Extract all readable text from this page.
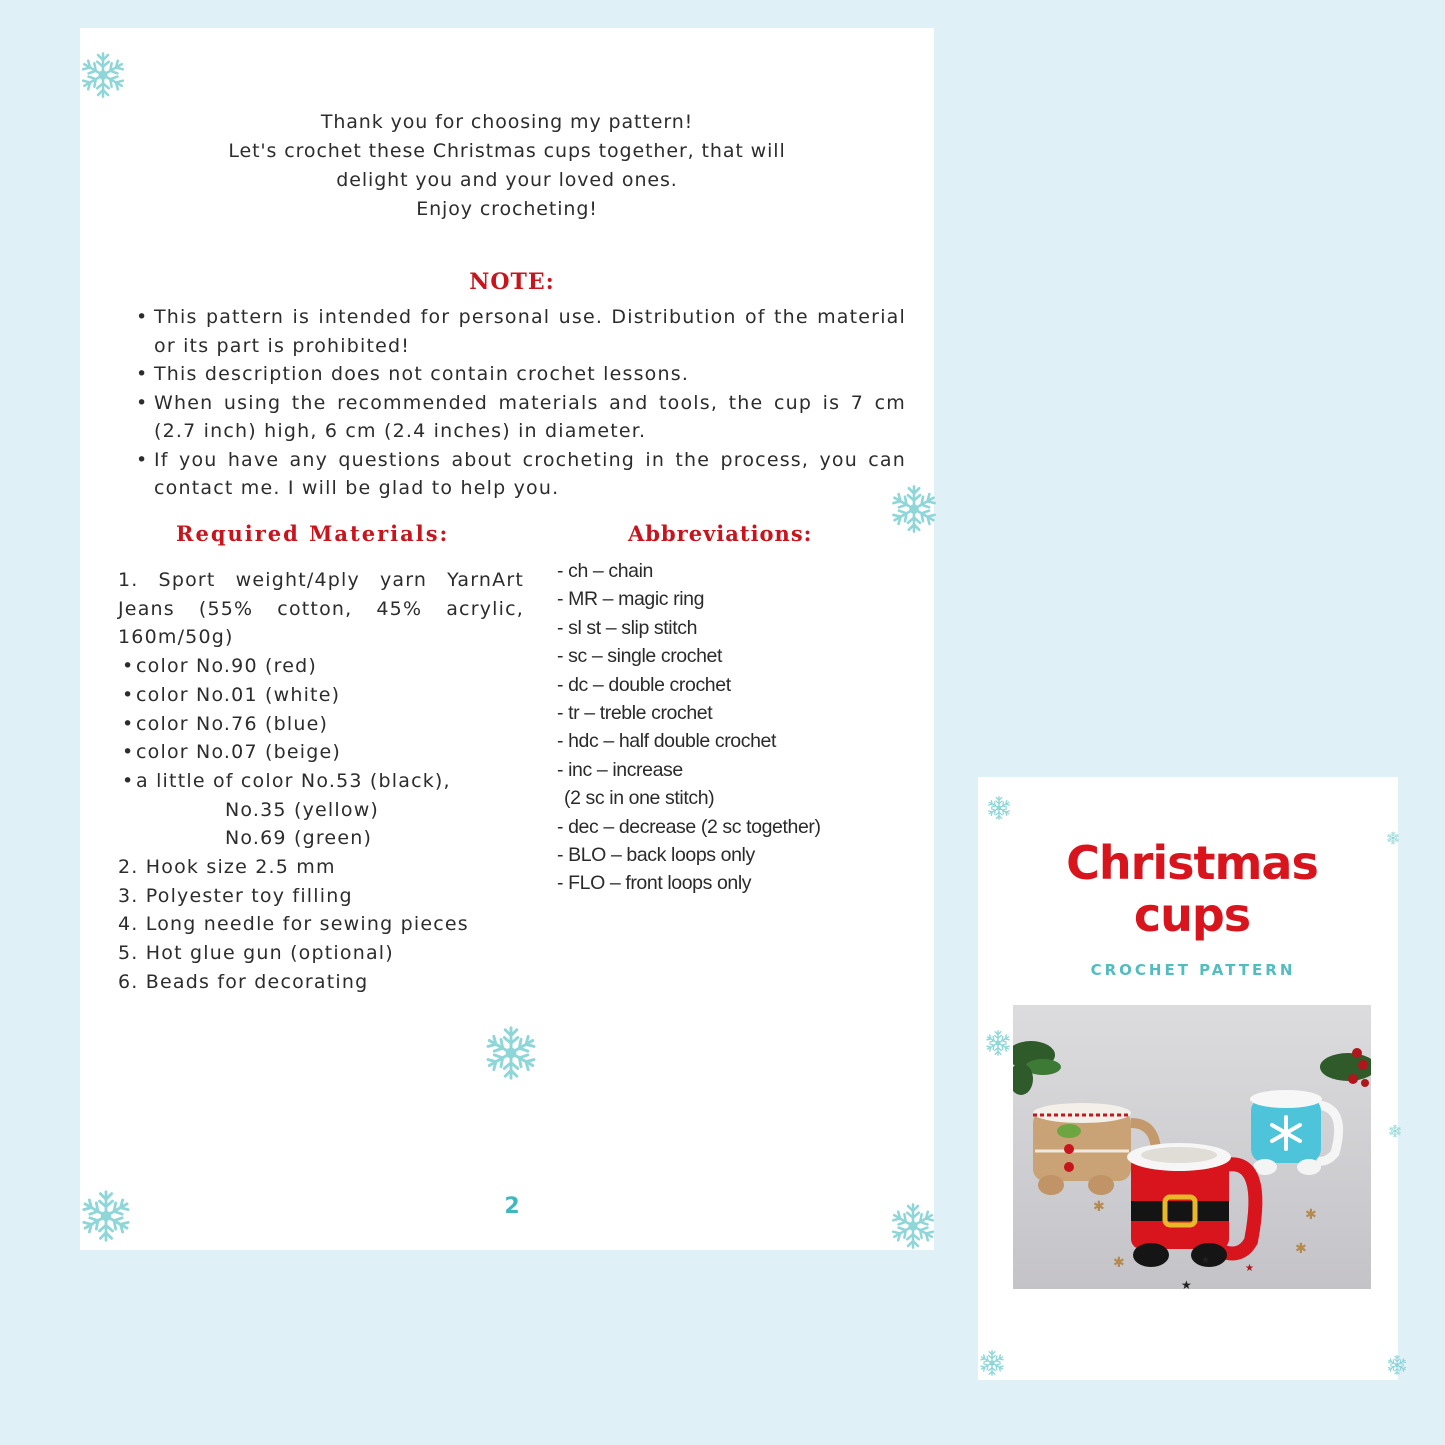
Thank you for choosing my pattern!
Let's crochet these Christmas cups together, that will
delight you and your loved ones.
Enjoy crocheting!
NOTE:
• This pattern is intended for personal use. Distribution of the material or its part is prohibited!
• This description does not contain crochet lessons.
• When using the recommended materials and tools, the cup is 7 cm (2.7 inch) high, 6 cm (2.4 inches) in diameter.
• If you have any questions about crocheting in the process, you can contact me. I will be glad to help you.
Required Materials:
1. Sport weight/4ply yarn YarnArt Jeans (55% cotton, 45% acrylic, 160m/50g)
• color No.90 (red)
• color No.01 (white)
• color No.76 (blue)
• color No.07 (beige)
• a little of color No.53 (black),
No.35 (yellow)
No.69 (green)
2. Hook size 2.5 mm
3. Polyester toy filling
4. Long needle for sewing pieces
5. Hot glue gun (optional)
6. Beads for decorating
Abbreviations:
- ch – chain
- MR – magic ring
- sl st – slip stitch
- sc – single crochet
- dc – double crochet
- tr – treble crochet
- hdc – half double crochet
- inc – increase
(2 sc in one stitch)
- dec – decrease (2 sc together)
- BLO – back loops only
- FLO – front loops only
2
Christmas
cups
CROCHET PATTERN
✱	✱
✱
✱
★
★
★
